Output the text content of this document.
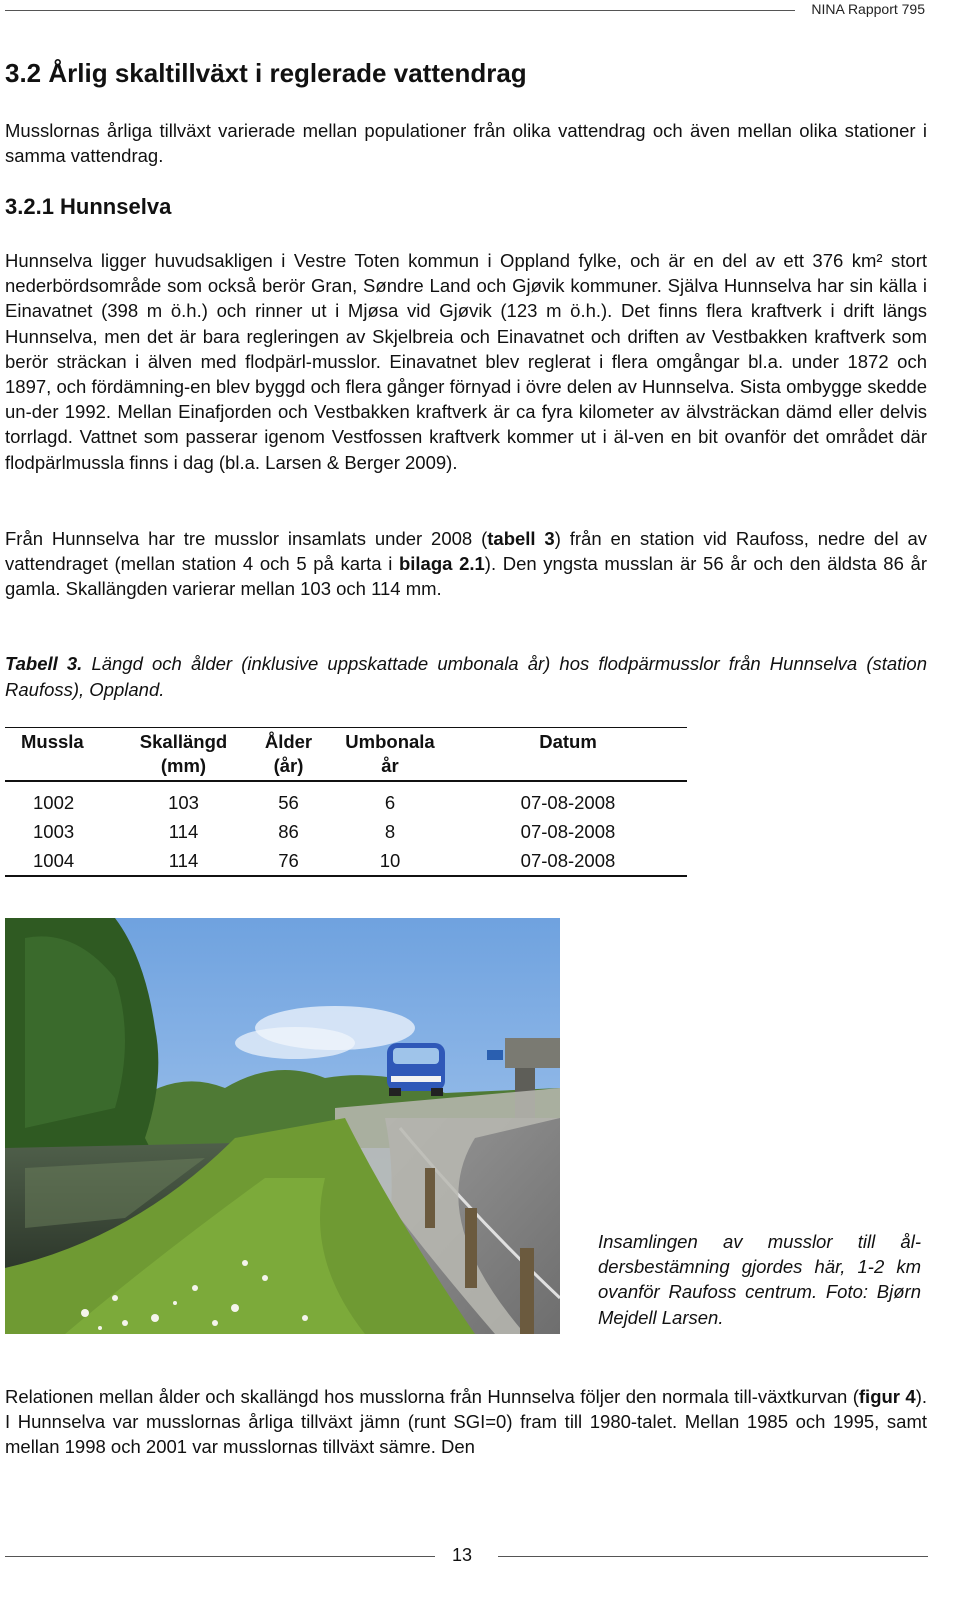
NINA Rapport 795
3.2 Årlig skaltillväxt i reglerade vattendrag

Musslornas årliga tillväxt varierade mellan populationer från olika vattendrag och även mellan olika stationer i samma vattendrag.

3.2.1 Hunnselva

Hunnselva ligger huvudsakligen i Vestre Toten kommun i Oppland fylke, och är en del av ett 376 km² stort nederbördsområde som också berör Gran, Søndre Land och Gjøvik kommuner. Själva Hunnselva har sin källa i Einavatnet (398 m ö.h.) och rinner ut i Mjøsa vid Gjøvik (123 m ö.h.). Det finns flera kraftverk i drift längs Hunnselva, men det är bara regleringen av Skjelbreia och Einavatnet och driften av Vestbakken kraftverk som berör sträckan i älven med flodpärl-musslor. Einavatnet blev reglerat i flera omgångar bl.a. under 1872 och 1897, och fördämning-en blev byggd och flera gånger förnyad i övre delen av Hunnselva. Sista ombygge skedde un-der 1992. Mellan Einafjorden och Vestbakken kraftverk är ca fyra kilometer av älvsträckan dämd eller delvis torrlagd. Vattnet som passerar igenom Vestfossen kraftverk kommer ut i äl-ven en bit ovanför det området där flodpärlmussla finns i dag (bl.a. Larsen & Berger 2009).

Från Hunnselva har tre musslor insamlats under 2008 (tabell 3) från en station vid Raufoss, nedre del av vattendraget (mellan station 4 och 5 på karta i bilaga 2.1). Den yngsta musslan är 56 år och den äldsta 86 år gamla. Skallängden varierar mellan 103 och 114 mm.

Tabell 3. Längd och ålder (inklusive uppskattade umbonala år) hos flodpärmusslor från Hunnselva (station Raufoss), Oppland.

Mussla	Skallängd (mm)	Ålder (år)	Umbonala år	Datum
1002	103	56	6	07-08-2008
1003	114	86	8	07-08-2008
1004	114	76	10	07-08-2008

Insamlingen av musslor till ål-dersbestämning gjordes här, 1-2 km ovanför Raufoss centrum. Foto: Bjørn Mejdell Larsen.

Relationen mellan ålder och skallängd hos musslorna från Hunnselva följer den normala till-växtkurvan (figur 4). I Hunnselva var musslornas årliga tillväxt jämn (runt SGI=0) fram till 1980-talet. Mellan 1985 och 1995, samt mellan 1998 och 2001 var musslornas tillväxt sämre. Den

13
